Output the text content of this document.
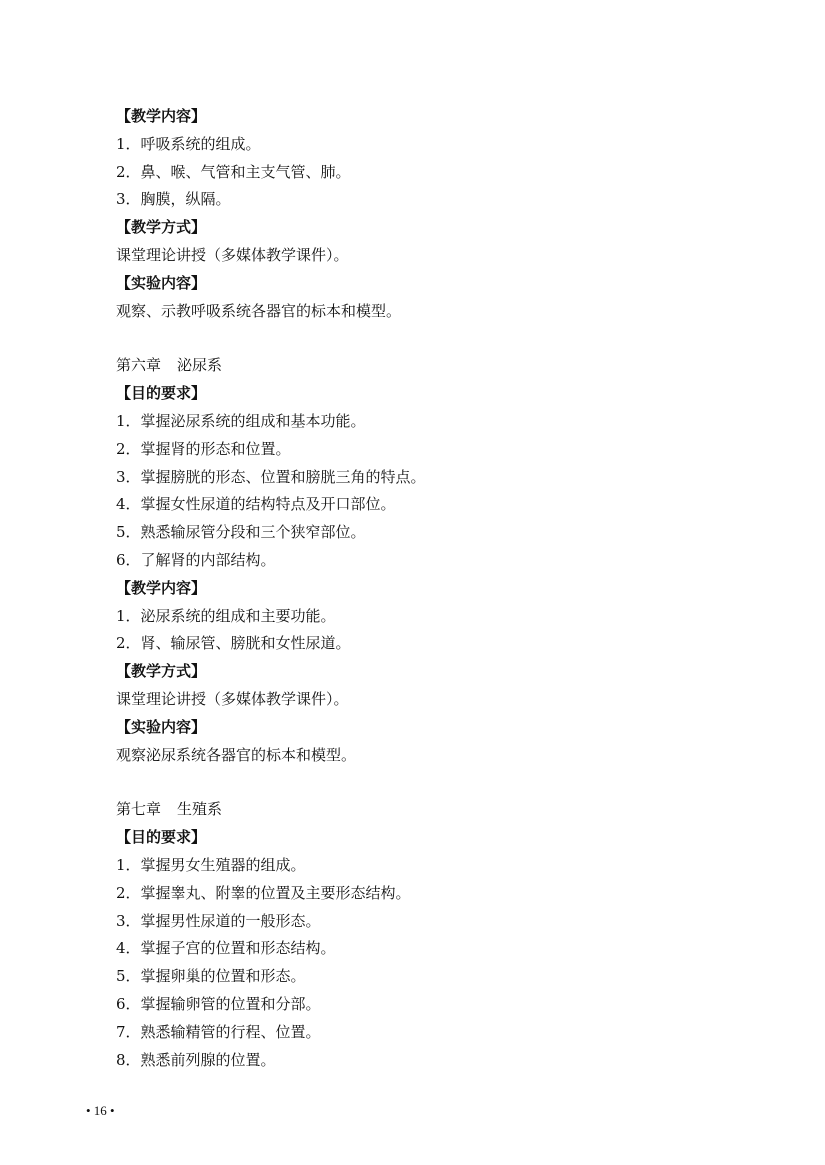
【教学内容】
1．呼吸系统的组成。
2．鼻、喉、气管和主支气管、肺。
3．胸膜，纵隔。
【教学方式】
课堂理论讲授（多媒体教学课件）。
【实验内容】
观察、示教呼吸系统各器官的标本和模型。
第六章 泌尿系
【目的要求】
1．掌握泌尿系统的组成和基本功能。
2．掌握肾的形态和位置。
3．掌握膀胱的形态、位置和膀胱三角的特点。
4．掌握女性尿道的结构特点及开口部位。
5．熟悉输尿管分段和三个狭窄部位。
6．了解肾的内部结构。
【教学内容】
1．泌尿系统的组成和主要功能。
2．肾、输尿管、膀胱和女性尿道。
【教学方式】
课堂理论讲授（多媒体教学课件）。
【实验内容】
观察泌尿系统各器官的标本和模型。
第七章 生殖系
【目的要求】
1．掌握男女生殖器的组成。
2．掌握睾丸、附睾的位置及主要形态结构。
3．掌握男性尿道的一般形态。
4．掌握子宫的位置和形态结构。
5．掌握卵巢的位置和形态。
6．掌握输卵管的位置和分部。
7．熟悉输精管的行程、位置。
8．熟悉前列腺的位置。
• 16 •
